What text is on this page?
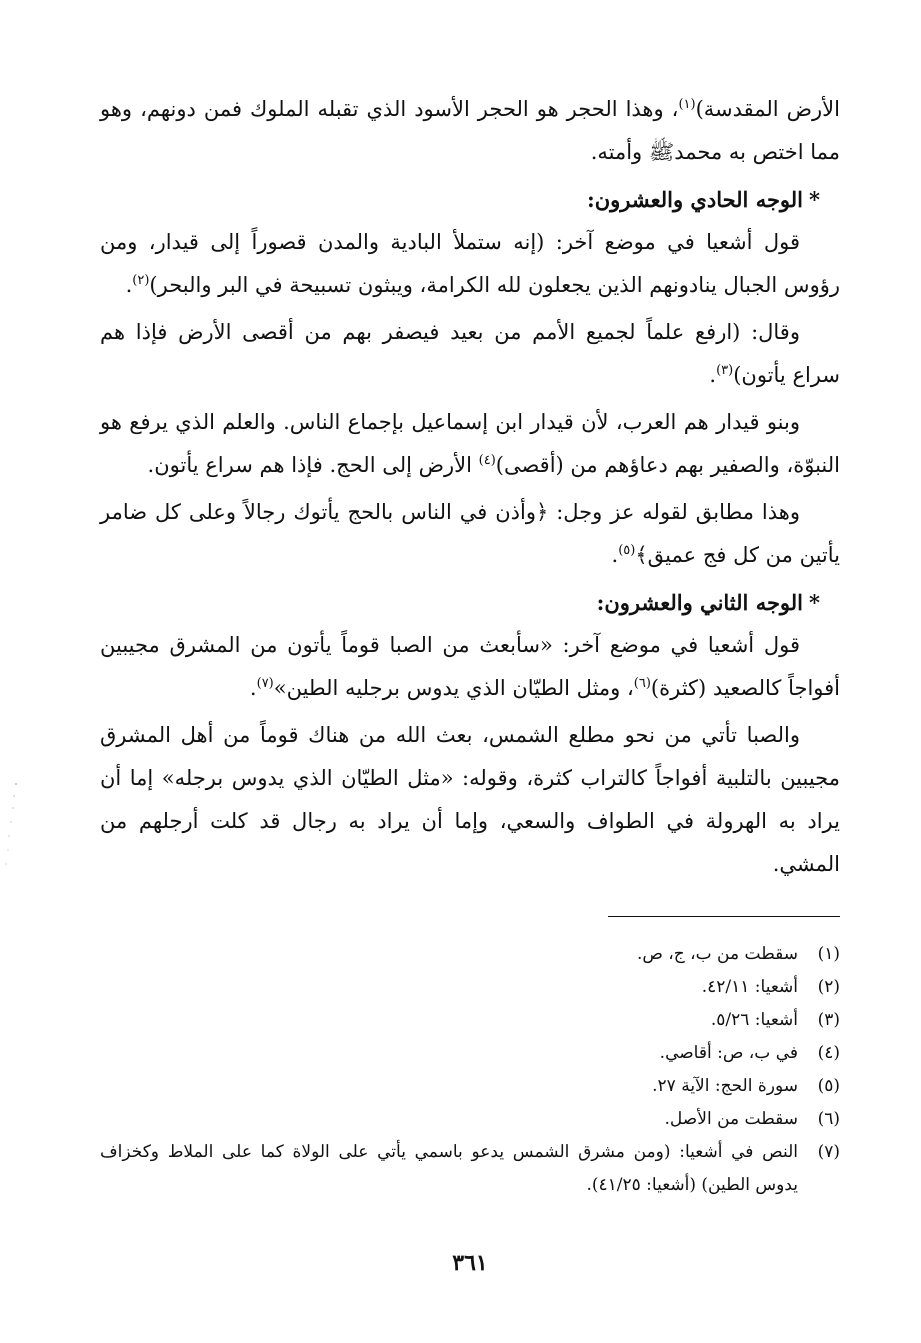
الأرض المقدسة)$^{(١)}$، وهذا الحجر هو الحجر الأسود الذي تقبله الملوك فمن دونهم، وهو مما اختص به محمدﷺ وأمته.

*الوجه الحادي والعشرون:

قول أشعيا في موضع آخر: (إنه ستملأ البادية والمدن قصوراً إلى قيدار، ومن رؤوس الجبال ينادونهم الذين يجعلون لله الكرامة، ويبثون تسبيحة في البر والبحر)$^{(٢)}$.

وقال: (ارفع علماً لجميع الأمم من بعيد فيصفر بهم من أقصى الأرض فإذا هم سراع يأتون)$^{(٣)}$.

وبنو قيدار هم العرب، لأن قيدار ابن إسماعيل بإجماع الناس. والعلم الذي يرفع هو النبوّة، والصفير بهم دعاؤهم من (أقصى)$^{(٤)}$ الأرض إلى الحج. فإذا هم سراع يأتون.

وهذا مطابق لقوله عز وجل: ﴿وأذن في الناس بالحج يأتوك رجالاً وعلى كل ضامر يأتين من كل فج عميق﴾$^{(٥)}$.

*الوجه الثاني والعشرون:

قول أشعيا في موضع آخر: «سأبعث من الصبا قوماً يأتون من المشرق مجيبين أفواجاً كالصعيد (كثرة)$^{(٦)}$، ومثل الطيّان الذي يدوس برجليه الطين»$^{(٧)}$.

والصبا تأتي من نحو مطلع الشمس، بعث الله من هناك قوماً من أهل المشرق مجيبين بالتلبية أفواجاً كالتراب كثرة، وقوله: «مثل الطيّان الذي يدوس برجله» إما أن يراد به الهرولة في الطواف والسعي، وإما أن يراد به رجال قد كلت أرجلهم من المشي.

(١)
سقطت من ب، ج، ص.
(٢)
أشعيا: ٤٢/١١.
(٣)
أشعيا: ٥/٢٦.
(٤)
في ب، ص: أقاصي.
(٥)
سورة الحج: الآية ٢٧.
(٦)
سقطت من الأصل.
(٧)
النص في أشعيا: (ومن مشرق الشمس يدعو باسمي يأتي على الولاة كما على الملاط وكخزاف يدوس الطين) (أشعيا: ٤١/٢٥).
٣٦١
